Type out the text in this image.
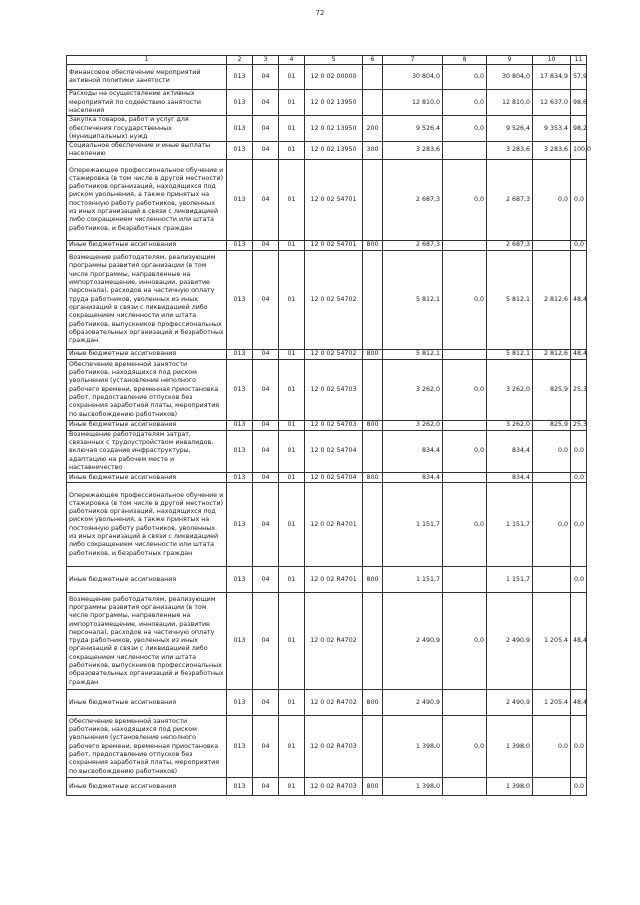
72
1	2	3	4	5	6	7	8	9	10	11
Финансовое обеспечение мероприятий активной политики занятости	013	04	01	12 0 02 00000		30 804,0	0,0	30 804,0	17 834,9	57,9
Расходы на осуществление активных мероприятий по содействию занятости населения	013	04	01	12 0 02 13950		12 810,0	0,0	12 810,0	12 637,0	98,6
Закупка товаров, работ и услуг для обеспечения государственных (муниципальных) нужд	013	04	01	12 0 02 13950	200	9 526,4	0,0	9 526,4	9 353,4	98,2
Социальное обеспечение и иные выплаты населению	013	04	01	12 0 02 13950	300	3 283,6		3 283,6	3 283,6	100,0
Опережающее профессиональное обучение и стажировка (в том числе в другой местности) работников организаций, находящихся под риском увольнения, а также принятых на постоянную работу работников, уволенных из иных организаций в связи с ликвидацией либо сокращением численности или штата работников, и безработных граждан	013	04	01	12 0 02 54701		2 687,3	0,0	2 687,3	0,0	0,0
Иные бюджетные ассигнования	013	04	01	12 0 02 54701	800	2 687,3		2 687,3		0,0
Возмещение работодателям, реализующим программы развития организации (в том числе программы, направленные на импортозамещение, инновации, развитие персонала), расходов на частичную оплату труда работников, уволенных из иных организаций в связи с ликвидацией либо сокращением численности или штата работников, выпускников профессиональных образовательных организаций и безработных граждан	013	04	01	12 0 02 54702		5 812,1	0,0	5 812,1	2 812,6	48,4
Иные бюджетные ассигнования	013	04	01	12 0 02 54702	800	5 812,1		5 812,1	2 812,6	48,4
Обеспечение временной занятости работников, находящихся под риском увольнения (установление неполного рабочего времени, временная приостановка работ, предоставление отпусков без сохранения заработной платы, мероприятия по высвобождению работников)	013	04	01	12 0 02 54703		3 262,0	0,0	3 262,0	825,9	25,3
Иные бюджетные ассигнования	013	04	01	12 0 02 54703	800	3 262,0		3 262,0	825,9	25,3
Возмещение работодателям затрат, связанных с трудоустройством инвалидов, включая создание инфраструктуры, адаптацию на рабочем месте и наставничество	013	04	01	12 0 02 54704		834,4	0,0	834,4	0,0	0,0
Иные бюджетные ассигнования	013	04	01	12 0 02 54704	800	834,4		834,4		0,0
Опережающее профессиональное обучение и стажировка (в том числе в другой местности) работников организаций, находящихся под риском увольнения, а также принятых на постоянную работу работников, уволенных из иных организаций в связи с ликвидацией либо сокращением численности или штата работников, и безработных граждан	013	04	01	12 0 02 R4701		1 151,7	0,0	1 151,7	0,0	0,0
Иные бюджетные ассигнования	013	04	01	12 0 02 R4701	800	1 151,7		1 151,7		0,0
Возмещение работодателям, реализующим программы развития организации (в том числе программы, направленные на импортозамещение, инновации, развитие персонала), расходов на частичную оплату труда работников, уволенных из иных организаций в связи с ликвидацией либо сокращением численности или штата работников, выпускников профессиональных образовательных организаций и безработных граждан	013	04	01	12 0 02 R4702		2 490,9	0,0	2 490,9	1 205,4	48,4
Иные бюджетные ассигнования	013	04	01	12 0 02 R4702	800	2 490,9		2 490,9	1 205,4	48,4
Обеспечение временной занятости работников, находящихся под риском увольнения (установление неполного рабочего времени, временная приостановка работ, предоставление отпусков без сохранения заработной платы, мероприятия по высвобождению работников)	013	04	01	12 0 02 R4703		1 398,0	0,0	1 398,0	0,0	0,0
Иные бюджетные ассигнования	013	04	01	12 0 02 R4703	800	1 398,0		1 398,0		0,0
